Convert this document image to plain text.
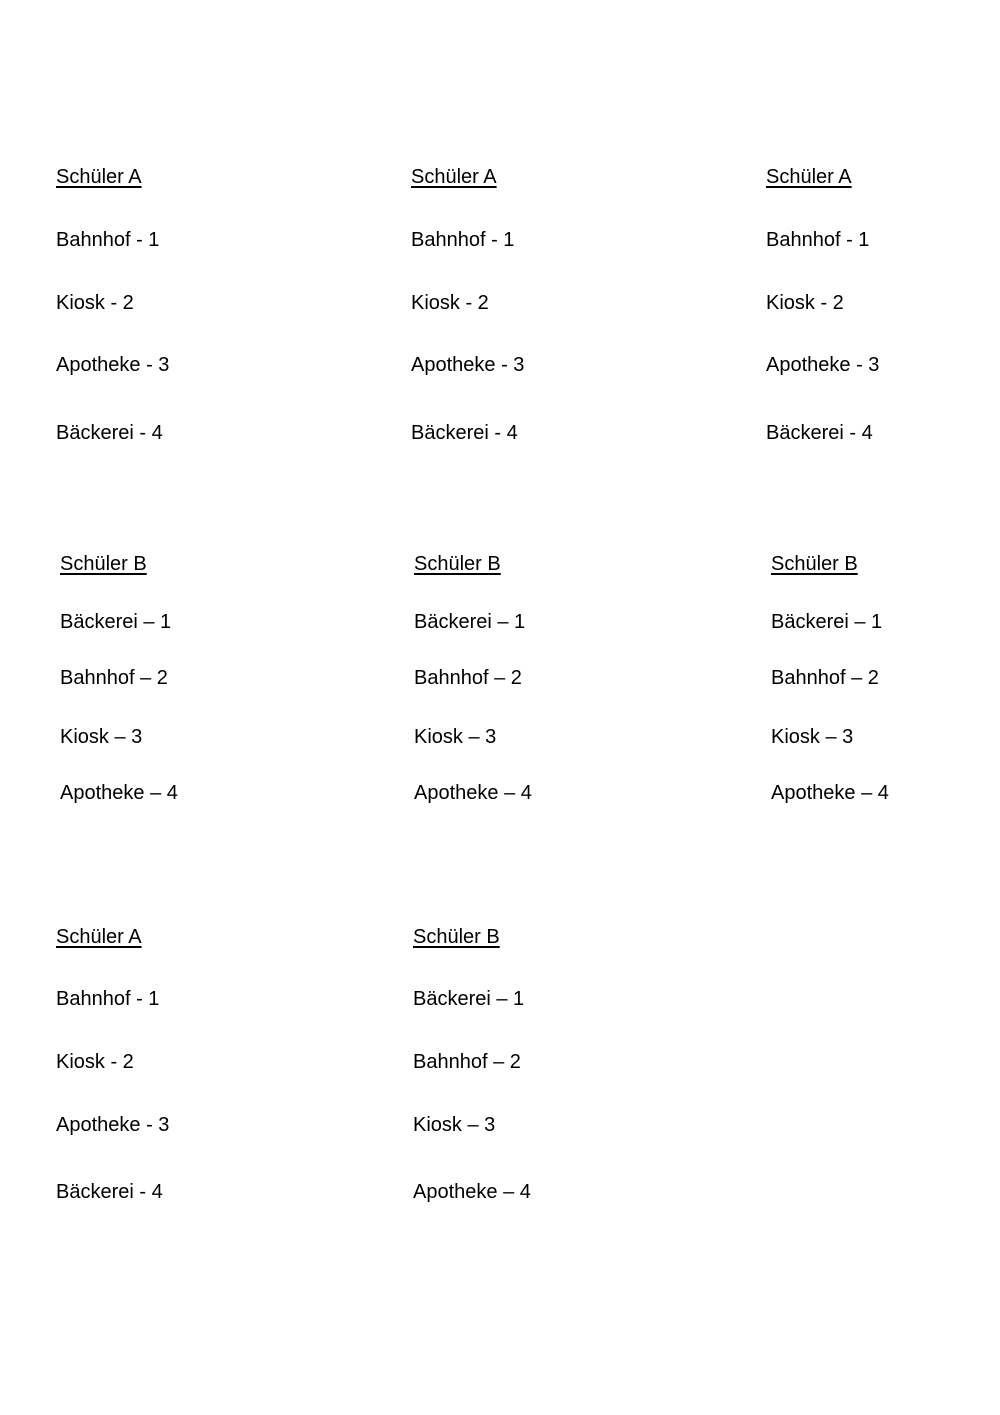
Schüler A
Bahnhof - 1
Kiosk - 2
Apotheke - 3
Bäckerei - 4
Schüler A
Bahnhof - 1
Kiosk - 2
Apotheke - 3
Bäckerei - 4
Schüler A
Bahnhof - 1
Kiosk - 2
Apotheke - 3
Bäckerei - 4
Schüler B
Bäckerei – 1
Bahnhof – 2
Kiosk – 3
Apotheke – 4
Schüler B
Bäckerei – 1
Bahnhof – 2
Kiosk – 3
Apotheke – 4
Schüler B
Bäckerei – 1
Bahnhof – 2
Kiosk – 3
Apotheke – 4
Schüler A
Bahnhof - 1
Kiosk - 2
Apotheke - 3
Bäckerei - 4
Schüler B
Bäckerei – 1
Bahnhof – 2
Kiosk – 3
Apotheke – 4
